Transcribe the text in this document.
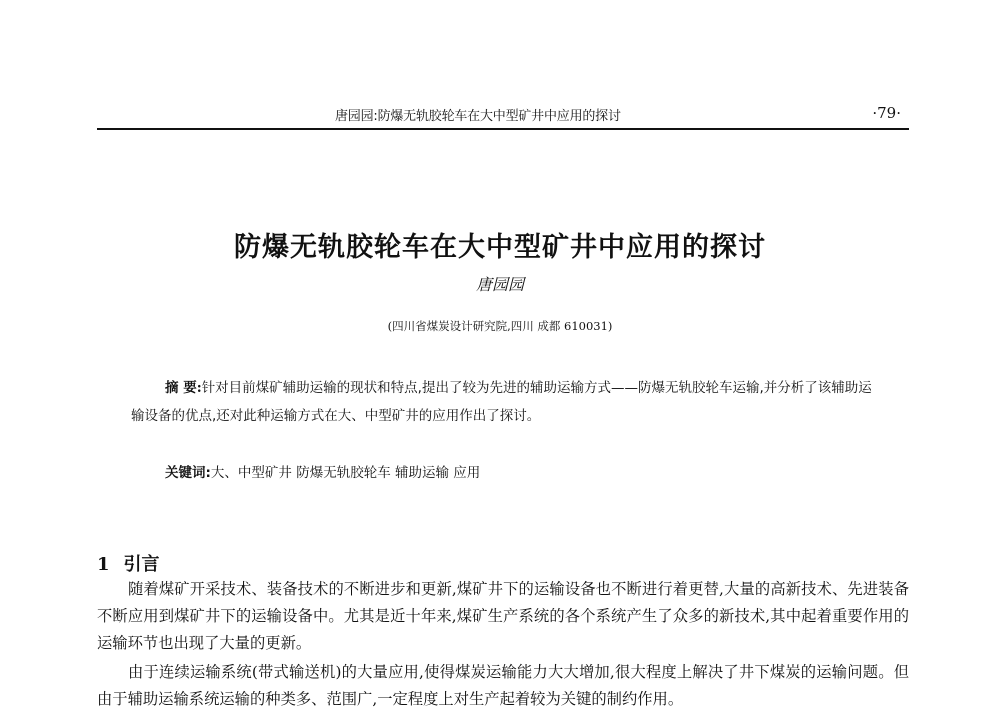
唐园园:防爆无轨胶轮车在大中型矿井中应用的探讨	·79·
防爆无轨胶轮车在大中型矿井中应用的探讨
唐园园
(四川省煤炭设计研究院,四川 成都 610031)
摘 要:针对目前煤矿辅助运输的现状和特点,提出了较为先进的辅助运输方式——防爆无轨胶轮车运输,并分析了该辅助运输设备的优点,还对此种运输方式在大、中型矿井的应用作出了探讨。
关键词:大、中型矿井 防爆无轨胶轮车 辅助运输 应用
1 引言

随着煤矿开采技术、装备技术的不断进步和更新,煤矿井下的运输设备也不断进行着更替,大量的高新技术、先进装备不断应用到煤矿井下的运输设备中。尤其是近十年来,煤矿生产系统的各个系统产生了众多的新技术,其中起着重要作用的运输环节也出现了大量的更新。

由于连续运输系统(带式输送机)的大量应用,使得煤炭运输能力大大增加,很大程度上解决了井下煤炭的运输问题。但由于辅助运输系统运输的种类多、范围广,一定程度上对生产起着较为关键的制约作用。
